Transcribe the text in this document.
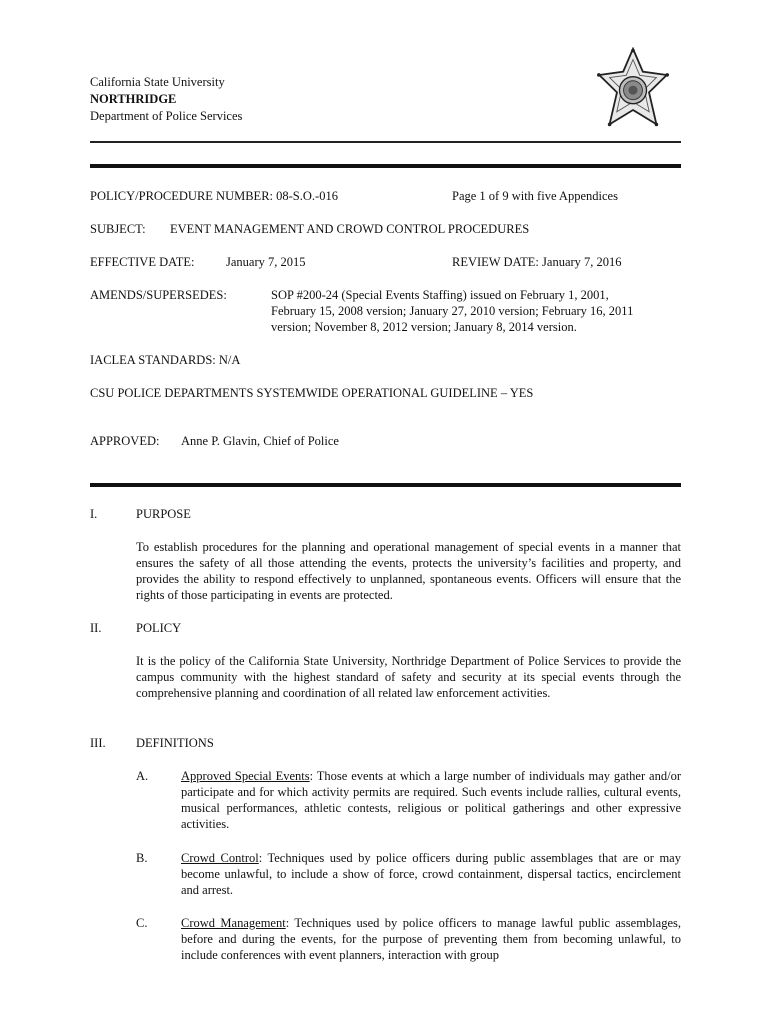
California State University
NORTHRIDGE
Department of Police Services
POLICY/PROCEDURE NUMBER: 08-S.O.-016	Page 1 of 9 with five Appendices
SUBJECT: EVENT MANAGEMENT AND CROWD CONTROL PROCEDURES
EFFECTIVE DATE:	January 7, 2015	REVIEW DATE: January 7, 2016
AMENDS/SUPERSEDES:	SOP #200-24 (Special Events Staffing) issued on February 1, 2001,
February 15, 2008 version; January 27, 2010 version; February 16, 2011
version; November 8, 2012 version; January 8, 2014 version.
IACLEA STANDARDS: N/A
CSU POLICE DEPARTMENTS SYSTEMWIDE OPERATIONAL GUIDELINE – YES
APPROVED: Anne P. Glavin, Chief of Police
I.	PURPOSE
To establish procedures for the planning and operational management of special events in a manner that ensures the safety of all those attending the events, protects the university’s facilities and property, and provides the ability to respond effectively to unplanned, spontaneous events. Officers will ensure that the rights of those participating in events are protected.
II.	POLICY
It is the policy of the California State University, Northridge Department of Police Services to provide the campus community with the highest standard of safety and security at its special events through the comprehensive planning and coordination of all related law enforcement activities.
III. DEFINITIONS
A.	Approved Special Events: Those events at which a large number of individuals may gather and/or participate and for which activity permits are required. Such events include rallies, cultural events, musical performances, athletic contests, religious or political gatherings and other expressive activities.
B.	Crowd Control: Techniques used by police officers during public assemblages that are or may become unlawful, to include a show of force, crowd containment, dispersal tactics, encirclement and arrest.
C.	Crowd Management: Techniques used by police officers to manage lawful public assemblages, before and during the events, for the purpose of preventing them from becoming unlawful, to include conferences with event planners, interaction with group
